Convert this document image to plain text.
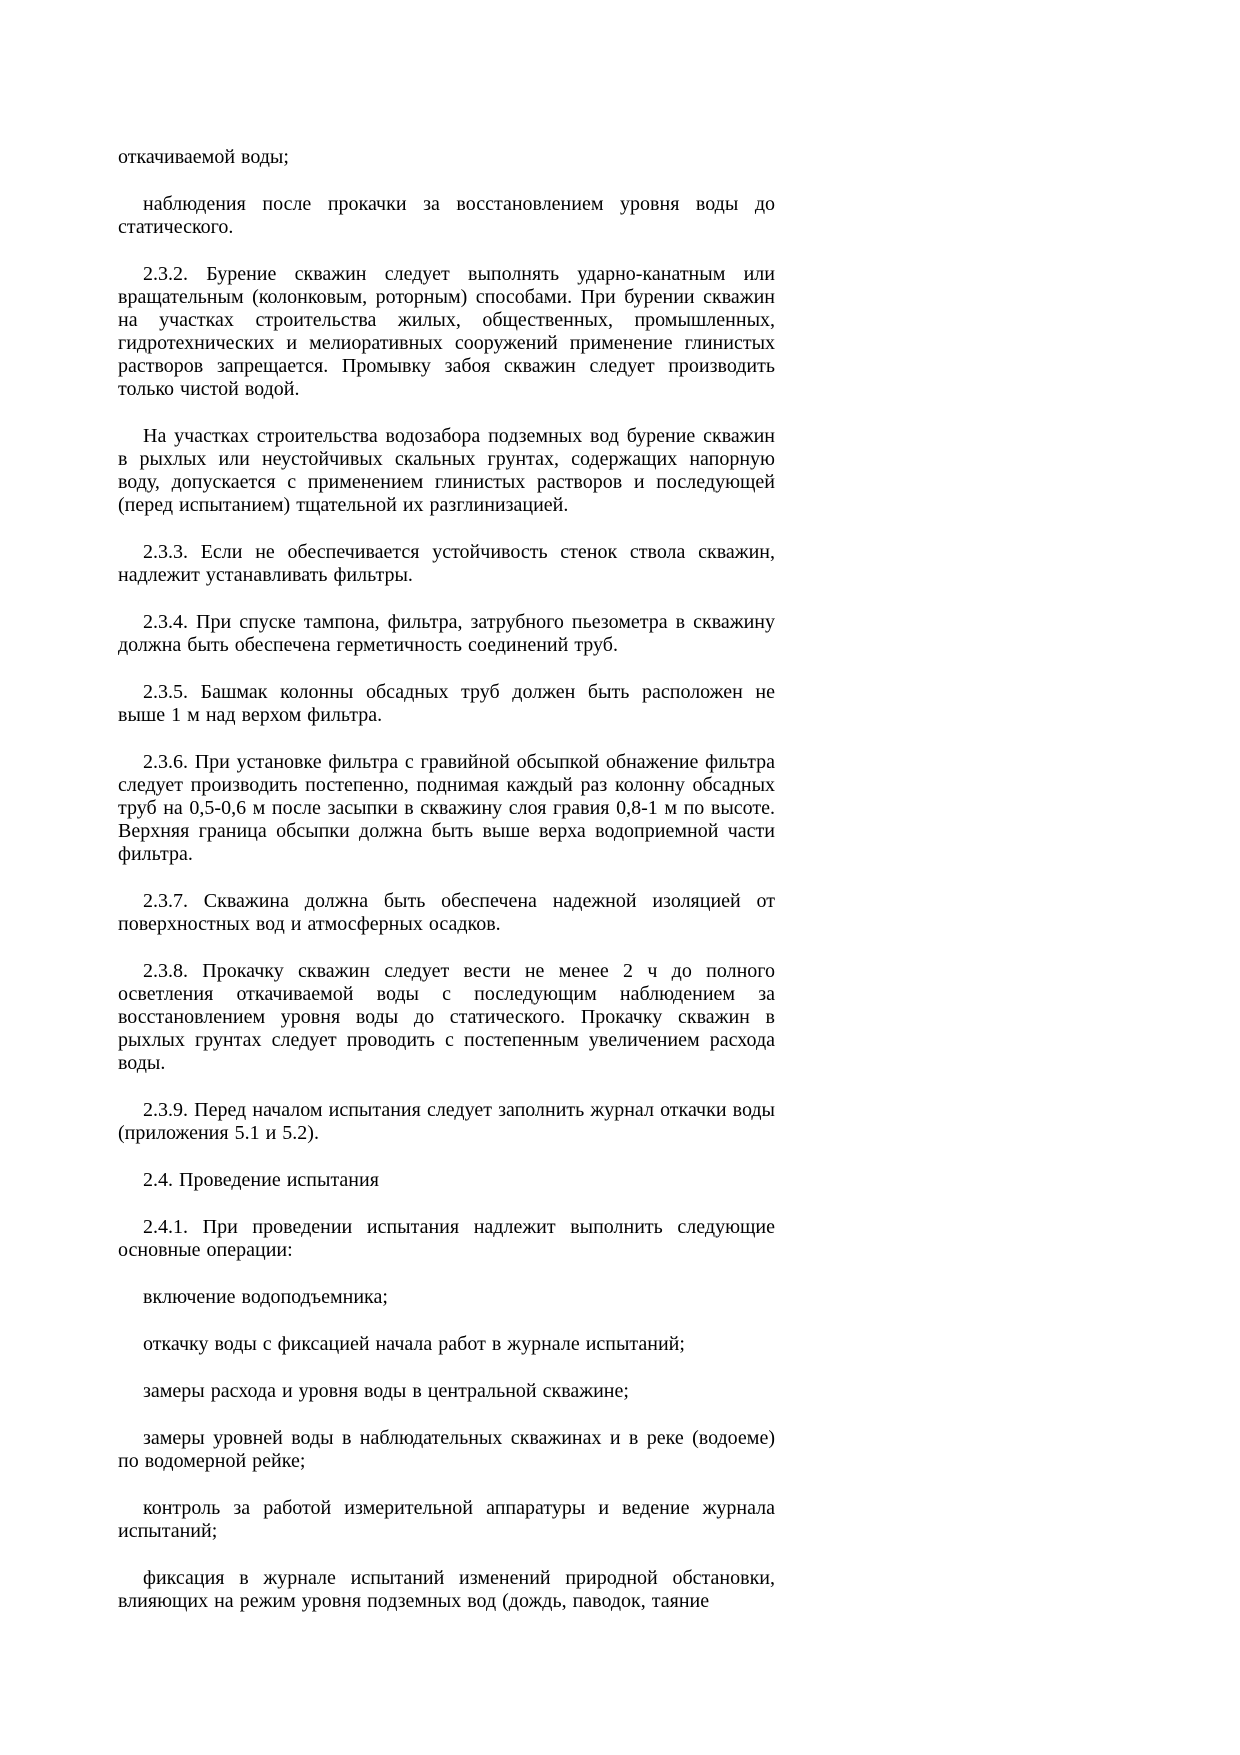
откачиваемой воды;

наблюдения после прокачки за восстановлением уровня воды до статического.

2.3.2. Бурение скважин следует выполнять ударно-канатным или вращательным (колонковым, роторным) способами. При бурении скважин на участках строительства жилых, общественных, промышленных, гидротехнических и мелиоративных сооружений применение глинистых растворов запрещается. Промывку забоя скважин следует производить только чистой водой.

На участках строительства водозабора подземных вод бурение скважин в рыхлых или неустойчивых скальных грунтах, содержащих напорную воду, допускается с применением глинистых растворов и последующей (перед испытанием) тщательной их разглинизацией.

2.3.3. Если не обеспечивается устойчивость стенок ствола скважин, надлежит устанавливать фильтры.

2.3.4. При спуске тампона, фильтра, затрубного пьезометра в скважину должна быть обеспечена герметичность соединений труб.

2.3.5. Башмак колонны обсадных труб должен быть расположен не выше 1 м над верхом фильтра.

2.3.6. При установке фильтра с гравийной обсыпкой обнажение фильтра следует производить постепенно, поднимая каждый раз колонну обсадных труб на 0,5-0,6 м после засыпки в скважину слоя гравия 0,8-1 м по высоте. Верхняя граница обсыпки должна быть выше верха водоприемной части фильтра.

2.3.7. Скважина должна быть обеспечена надежной изоляцией от поверхностных вод и атмосферных осадков.

2.3.8. Прокачку скважин следует вести не менее 2 ч до полного осветления откачиваемой воды с последующим наблюдением за восстановлением уровня воды до статического. Прокачку скважин в рыхлых грунтах следует проводить с постепенным увеличением расхода воды.

2.3.9. Перед началом испытания следует заполнить журнал откачки воды (приложения 5.1 и 5.2).

2.4. Проведение испытания

2.4.1. При проведении испытания надлежит выполнить следующие основные операции:

включение водоподъемника;

откачку воды с фиксацией начала работ в журнале испытаний;

замеры расхода и уровня воды в центральной скважине;

замеры уровней воды в наблюдательных скважинах и в реке (водоеме) по водомерной рейке;

контроль за работой измерительной аппаратуры и ведение журнала испытаний;

фиксация в журнале испытаний изменений природной обстановки, влияющих на режим уровня подземных вод (дождь, паводок, таяние
